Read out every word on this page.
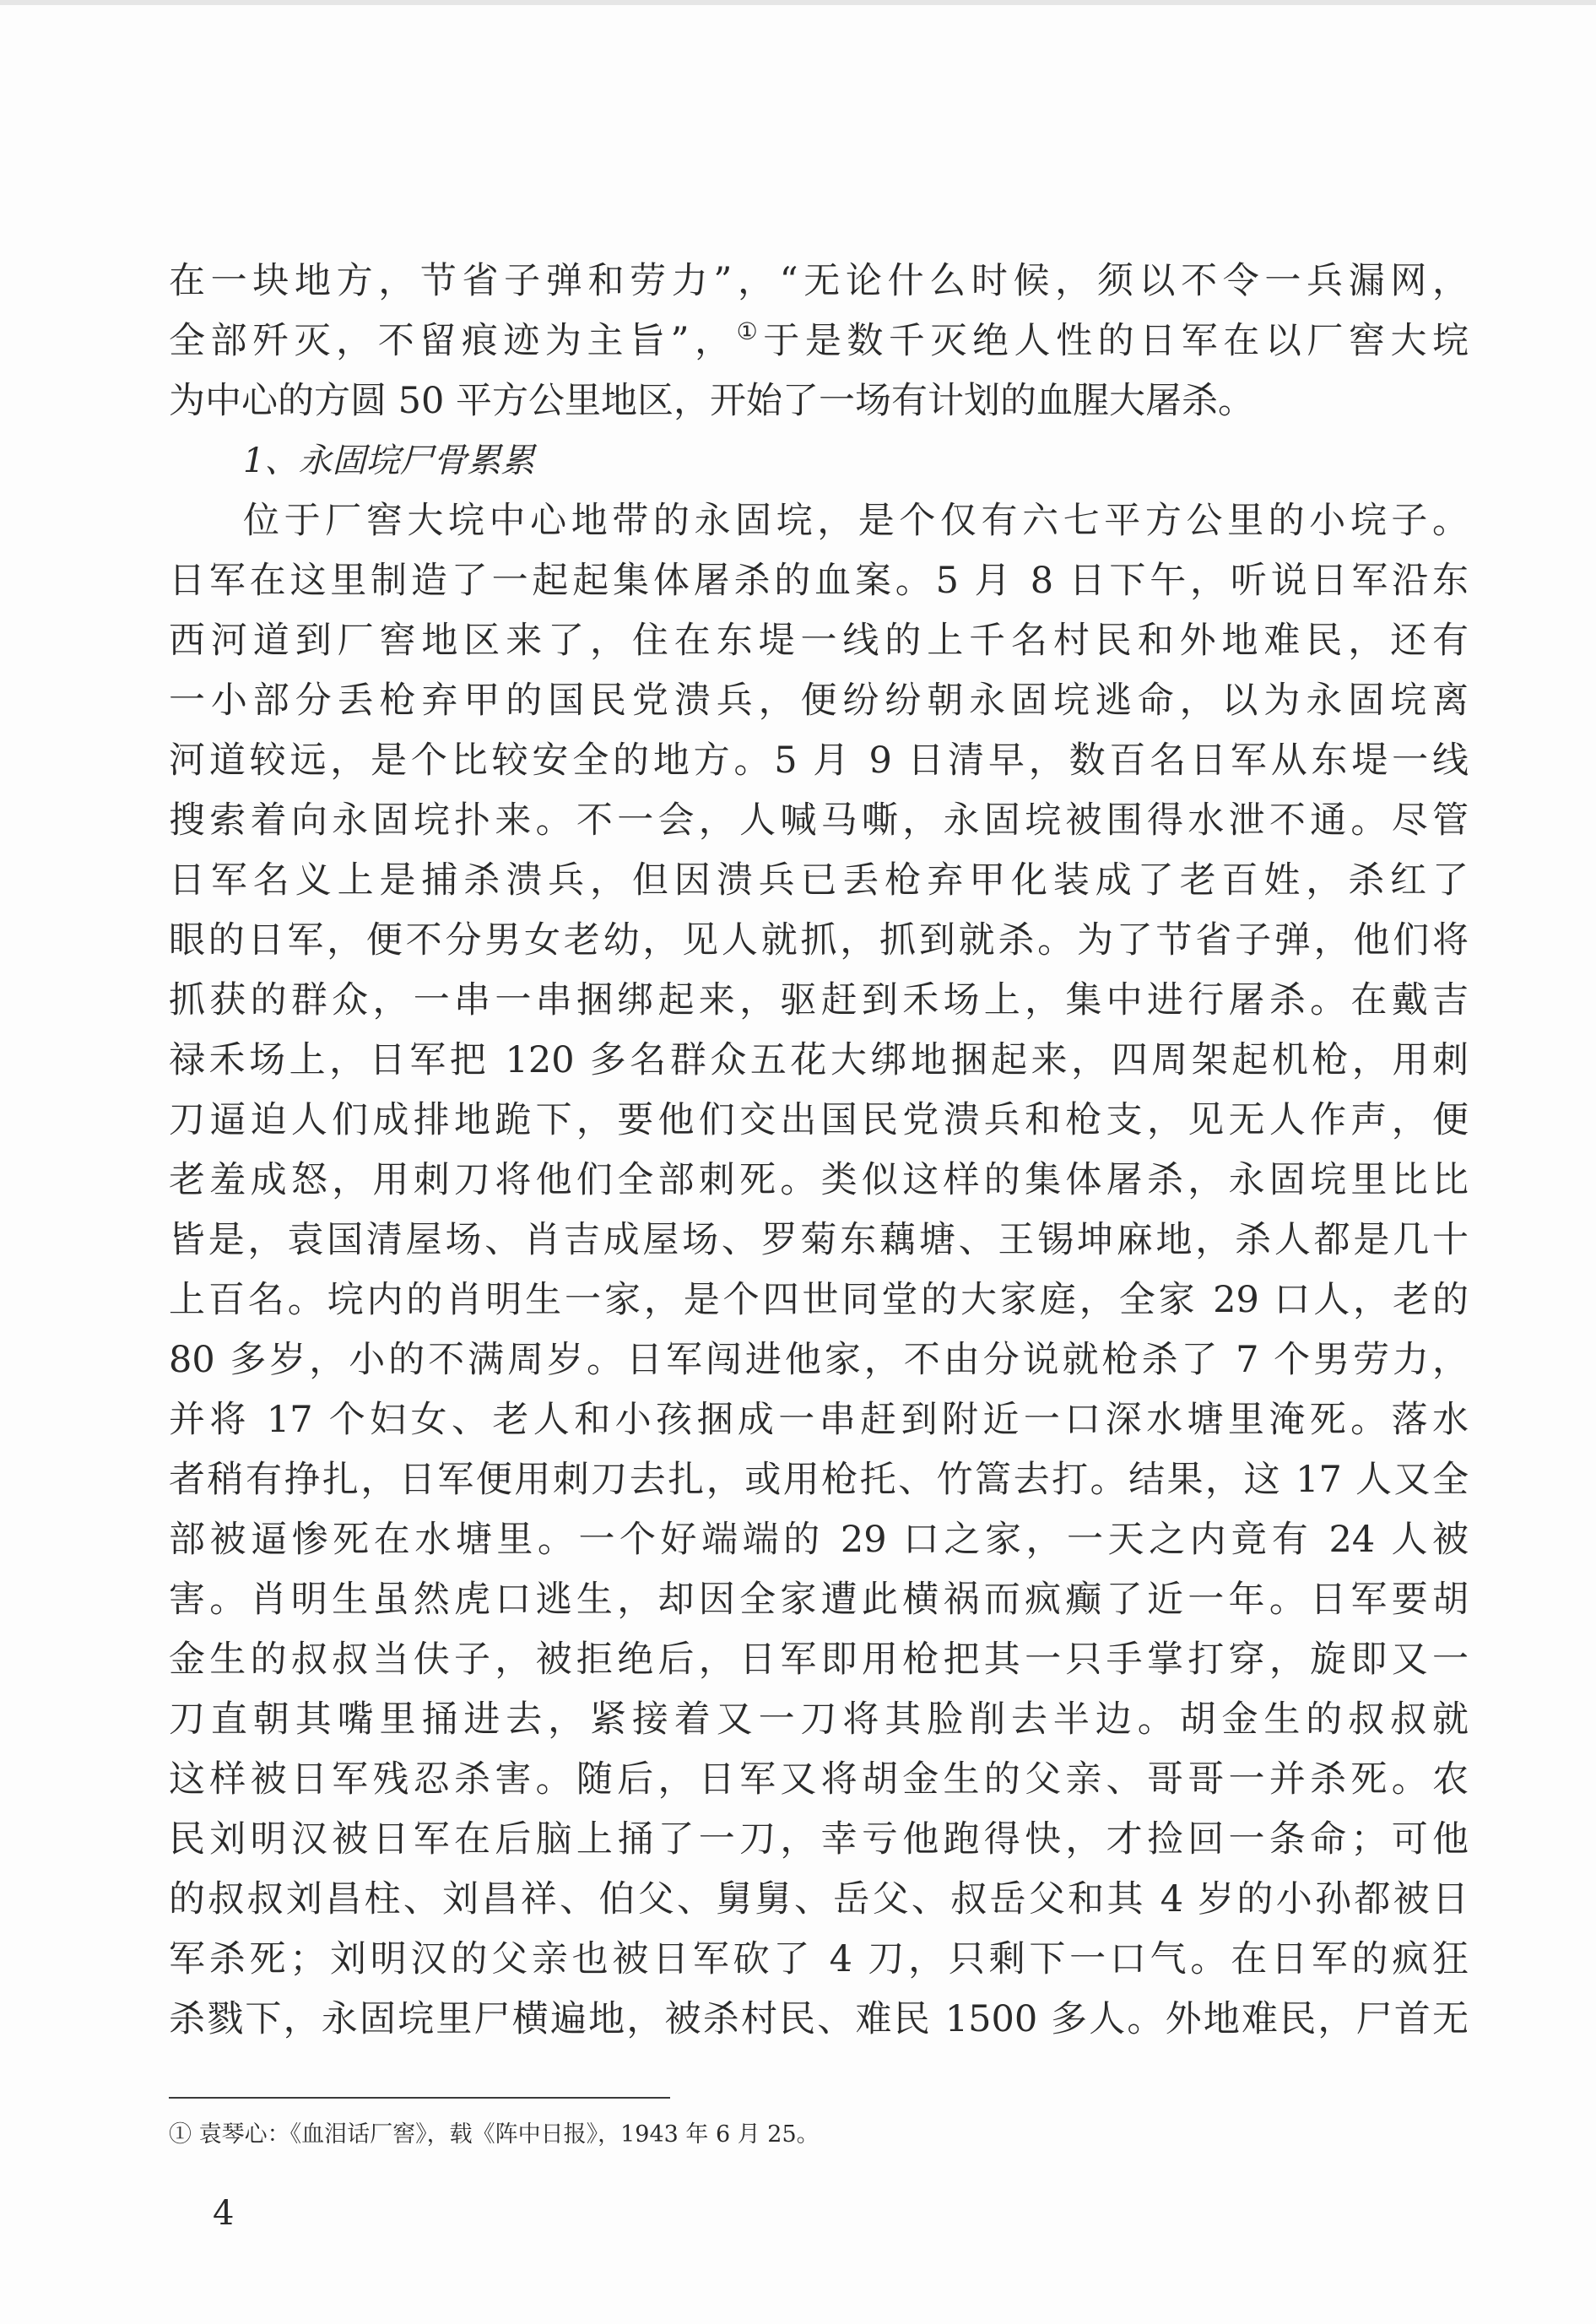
在一块地方，节省子弹和劳力”，“无论什么时候，须以不令一兵漏网，
全部歼灭，不留痕迹为主旨”，①于是数千灭绝人性的日军在以厂窖大垸
为中心的方圆 50 平方公里地区，开始了一场有计划的血腥大屠杀。
1、永固垸尸骨累累
位于厂窖大垸中心地带的永固垸，是个仅有六七平方公里的小垸子。
日军在这里制造了一起起集体屠杀的血案。5 月 8 日下午，听说日军沿东
西河道到厂窖地区来了，住在东堤一线的上千名村民和外地难民，还有
一小部分丢枪弃甲的国民党溃兵，便纷纷朝永固垸逃命，以为永固垸离
河道较远，是个比较安全的地方。5 月 9 日清早，数百名日军从东堤一线
搜索着向永固垸扑来。不一会，人喊马嘶，永固垸被围得水泄不通。尽管
日军名义上是捕杀溃兵，但因溃兵已丢枪弃甲化装成了老百姓，杀红了
眼的日军，便不分男女老幼，见人就抓，抓到就杀。为了节省子弹，他们将
抓获的群众，一串一串捆绑起来，驱赶到禾场上，集中进行屠杀。在戴吉
禄禾场上，日军把 120 多名群众五花大绑地捆起来，四周架起机枪，用刺
刀逼迫人们成排地跪下，要他们交出国民党溃兵和枪支，见无人作声，便
老羞成怒，用刺刀将他们全部刺死。类似这样的集体屠杀，永固垸里比比
皆是，袁国清屋场、肖吉成屋场、罗菊东藕塘、王锡坤麻地，杀人都是几十
上百名。垸内的肖明生一家，是个四世同堂的大家庭，全家 29 口人，老的
80 多岁，小的不满周岁。日军闯进他家，不由分说就枪杀了 7 个男劳力，
并将 17 个妇女、老人和小孩捆成一串赶到附近一口深水塘里淹死。落水
者稍有挣扎，日军便用刺刀去扎，或用枪托、竹篙去打。结果，这 17 人又全
部被逼惨死在水塘里。一个好端端的 29 口之家，一天之内竟有 24 人被
害。肖明生虽然虎口逃生，却因全家遭此横祸而疯癫了近一年。日军要胡
金生的叔叔当伕子，被拒绝后，日军即用枪把其一只手掌打穿，旋即又一
刀直朝其嘴里捅进去，紧接着又一刀将其脸削去半边。胡金生的叔叔就
这样被日军残忍杀害。随后，日军又将胡金生的父亲、哥哥一并杀死。农
民刘明汉被日军在后脑上捅了一刀，幸亏他跑得快，才捡回一条命；可他
的叔叔刘昌柱、刘昌祥、伯父、舅舅、岳父、叔岳父和其 4 岁的小孙都被日
军杀死；刘明汉的父亲也被日军砍了 4 刀，只剩下一口气。在日军的疯狂
杀戮下，永固垸里尸横遍地，被杀村民、难民 1500 多人。外地难民，尸首无
① 袁琴心：《血泪话厂窖》，载《阵中日报》，1943 年 6 月 25。
4
